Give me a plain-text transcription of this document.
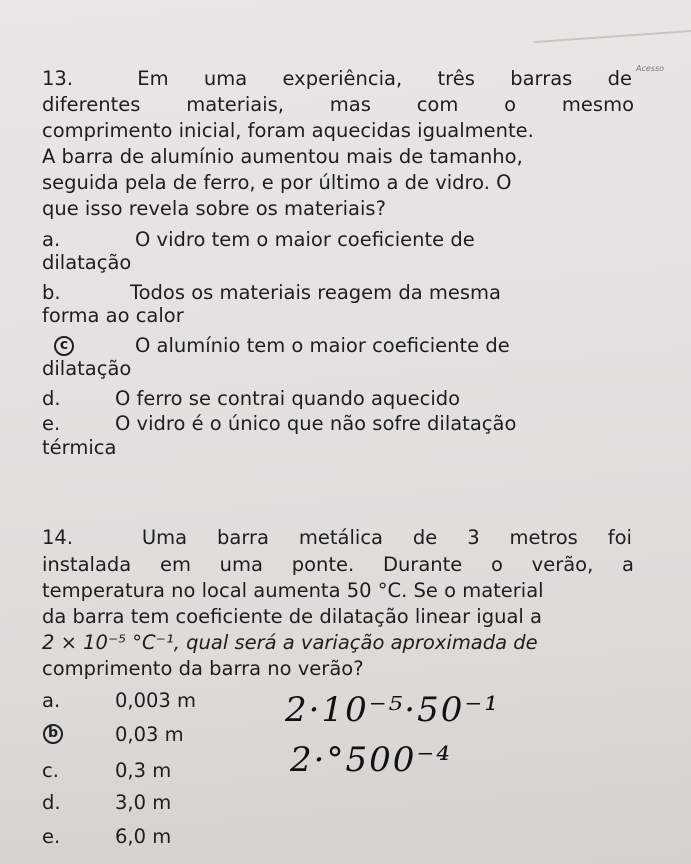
Acesso
13.	Em uma experiência, três barras de
diferentes materiais, mas com o mesmo
comprimento inicial, foram aquecidas igualmente.
A barra de alumínio aumentou mais de tamanho,
seguida pela de ferro, e por último a de vidro. O
que isso revela sobre os materiais?
a.	O vidro tem o maior coeficiente de
dilatação
b.	Todos os materiais reagem da mesma
forma ao calor
c	O alumínio tem o maior coeficiente de
dilatação
d.	O ferro se contrai quando aquecido
e.	O vidro é o único que não sofre dilatação
térmica
14.	Uma barra metálica de 3 metros foi
instalada em uma ponte. Durante o verão, a
temperatura no local aumenta 50 °C. Se o material
da barra tem coeficiente de dilatação linear igual a
2 × 10⁻⁵ °C⁻¹, qual será a variação aproximada de
comprimento da barra no verão?
a.	0,003 m
b	0,03 m
c.	0,3 m
d.	3,0 m
e.	6,0 m
2·10⁻⁵·50⁻¹
2·°500⁻⁴
